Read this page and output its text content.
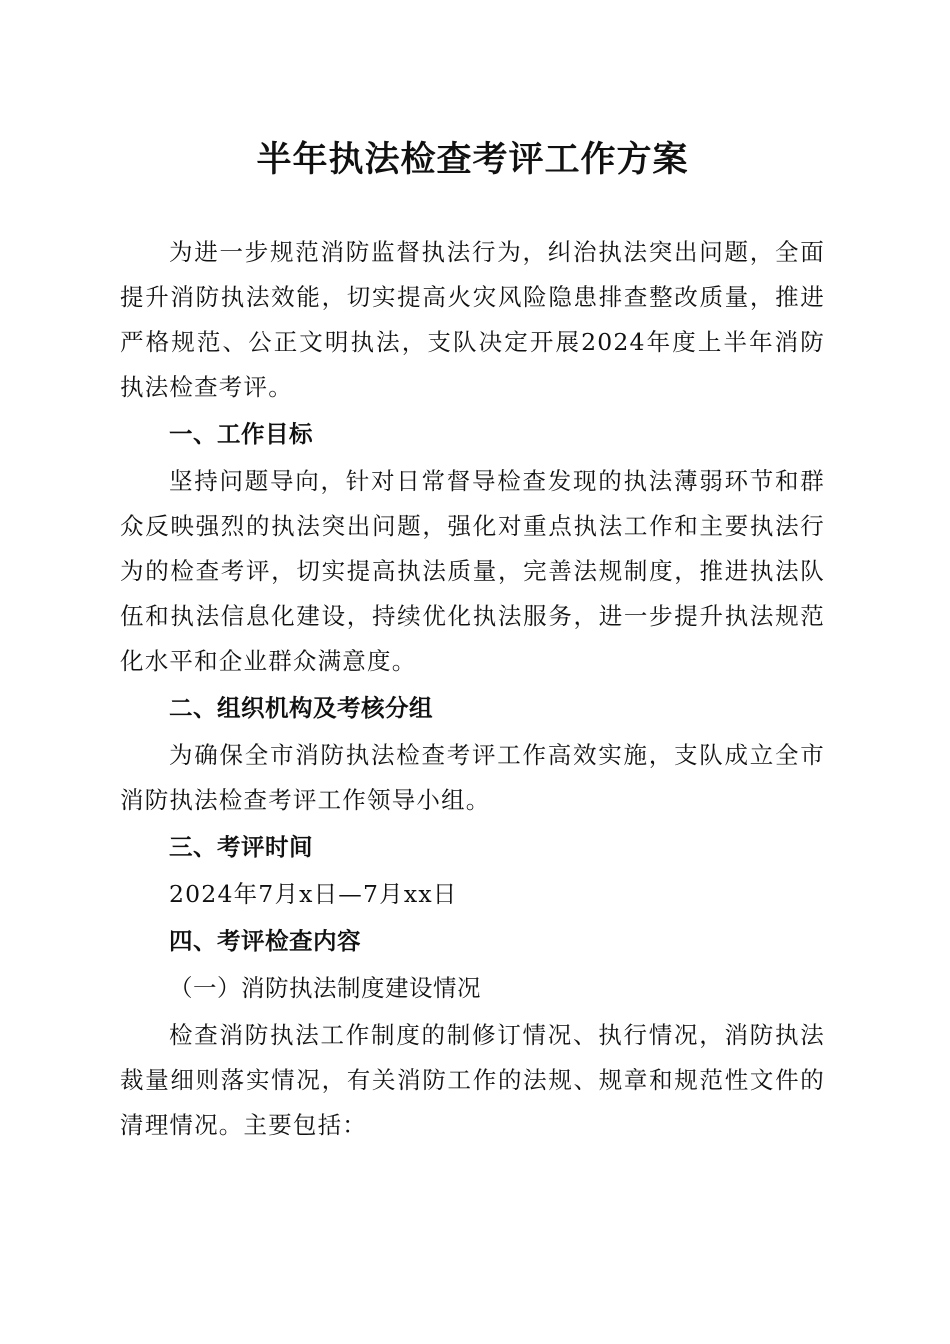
半年执法检查考评工作方案

为进一步规范消防监督执法行为，纠治执法突出问题，全面提升消防执法效能，切实提高火灾风险隐患排查整改质量，推进严格规范、公正文明执法，支队决定开展2024年度上半年消防执法检查考评。

一、工作目标

坚持问题导向，针对日常督导检查发现的执法薄弱环节和群众反映强烈的执法突出问题，强化对重点执法工作和主要执法行为的检查考评，切实提高执法质量，完善法规制度，推进执法队伍和执法信息化建设，持续优化执法服务，进一步提升执法规范化水平和企业群众满意度。

二、组织机构及考核分组

为确保全市消防执法检查考评工作高效实施，支队成立全市消防执法检查考评工作领导小组。

三、考评时间

2024年7月x日—7月xx日

四、考评检查内容

（一）消防执法制度建设情况

检查消防执法工作制度的制修订情况、执行情况，消防执法裁量细则落实情况，有关消防工作的法规、规章和规范性文件的清理情况。主要包括：
